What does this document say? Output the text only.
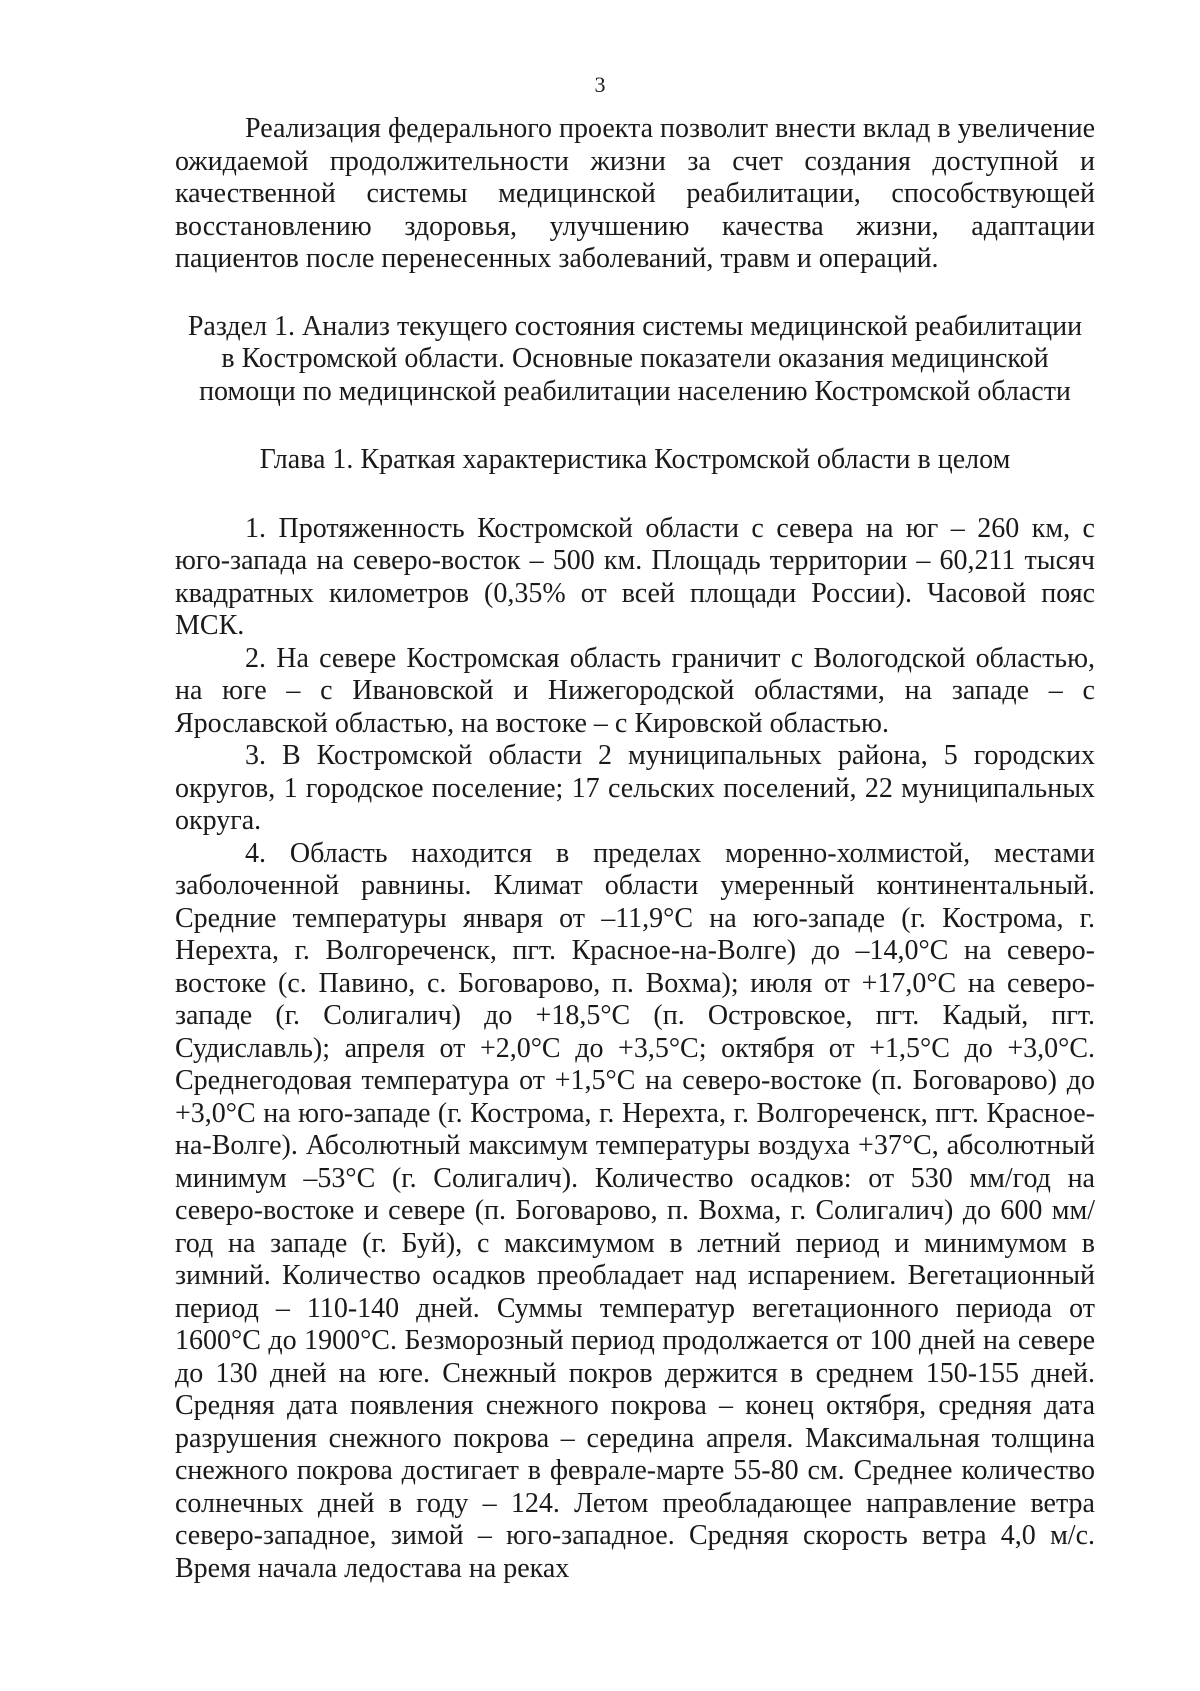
3

Реализация федерального проекта позволит внести вклад в увеличение ожидаемой продолжительности жизни за счет создания доступной и качественной системы медицинской реабилитации, способствующей восстановлению здоровья, улучшению качества жизни, адаптации пациентов после перенесенных заболеваний, травм и операций.

Раздел 1. Анализ текущего состояния системы медицинской реабилитации
в Костромской области. Основные показатели оказания медицинской
помощи по медицинской реабилитации населению Костромской области
Глава 1. Краткая характеристика Костромской области в целом

1. Протяженность Костромской области с севера на юг – 260 км, с юго-запада на северо-восток – 500 км. Площадь территории – 60,211 тысяч квадратных километров (0,35% от всей площади России). Часовой пояс МСК.

2. На севере Костромская область граничит с Вологодской областью, на юге – с Ивановской и Нижегородской областями, на западе – с Ярославской областью, на востоке – с Кировской областью.

3. В Костромской области 2 муниципальных района, 5 городских округов, 1 городское поселение; 17 сельских поселений, 22 муниципальных округа.

4. Область находится в пределах моренно-холмистой, местами заболоченной равнины. Климат области умеренный континентальный. Средние температуры января от –11,9°С на юго-западе (г. Кострома, г. Нерехта, г. Волгореченск, пгт. Красное-на-Волге) до –14,0°С на северо-востоке (с. Павино, с. Боговарово, п. Вохма); июля от +17,0°С на северо-западе (г. Солигалич) до +18,5°С (п. Островское, пгт. Кадый, пгт. Судиславль); апреля от +2,0°С до +3,5°С; октября от +1,5°С до +3,0°С. Среднегодовая температура от +1,5°С на северо-востоке (п. Боговарово) до +3,0°С на юго-западе (г. Кострома, г. Нерехта, г. Волгореченск, пгт. Красное-на-Волге). Абсолютный максимум температуры воздуха +37°С, абсолютный минимум –53°С (г. Солигалич). Количество осадков: от 530 мм/год на северо-востоке и севере (п. Боговарово, п. Вохма, г. Солигалич) до 600 мм/год на западе (г. Буй), с максимумом в летний период и минимумом в зимний. Количество осадков преобладает над испарением. Вегетационный период – 110-140 дней. Суммы температур вегетационного периода от 1600°С до 1900°С. Безморозный период продолжается от 100 дней на севере до 130 дней на юге. Снежный покров держится в среднем 150-155 дней. Средняя дата появления снежного покрова – конец октября, средняя дата разрушения снежного покрова – середина апреля. Максимальная толщина снежного покрова достигает в феврале-марте 55-80 см. Среднее количество солнечных дней в году – 124. Летом преобладающее направление ветра северо-западное, зимой – юго-западное. Средняя скорость ветра 4,0 м/с. Время начала ледостава на реках
